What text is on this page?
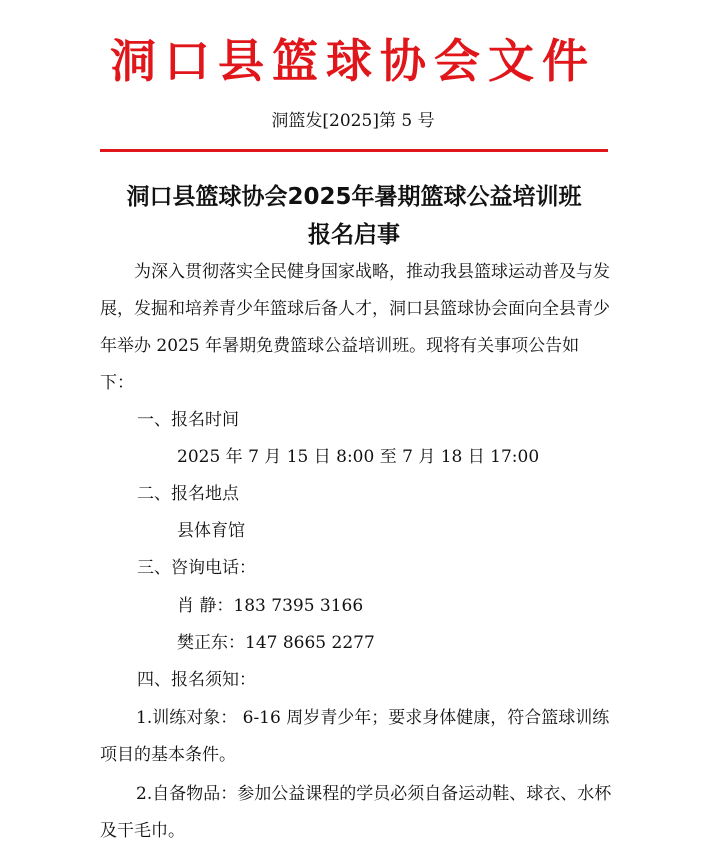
洞口县篮球协会文件
洞篮发[2025]第 5 号
洞口县篮球协会2025年暑期篮球公益培训班
报名启事
为深入贯彻落实全民健身国家战略，推动我县篮球运动普及与发展，发掘和培养青少年篮球后备人才，洞口县篮球协会面向全县青少年举办 2025 年暑期免费篮球公益培训班。现将有关事项公告如下：
一、报名时间
2025 年 7 月 15 日 8:00 至 7 月 18 日 17:00
二、报名地点
县体育馆
三、咨询电话：
肖 静：183 7395 3166
樊正东：147 8665 2277
四、报名须知：
1.训练对象： 6-16 周岁青少年；要求身体健康，符合篮球训练项目的基本条件。
2.自备物品：参加公益课程的学员必须自备运动鞋、球衣、水杯及干毛巾。
